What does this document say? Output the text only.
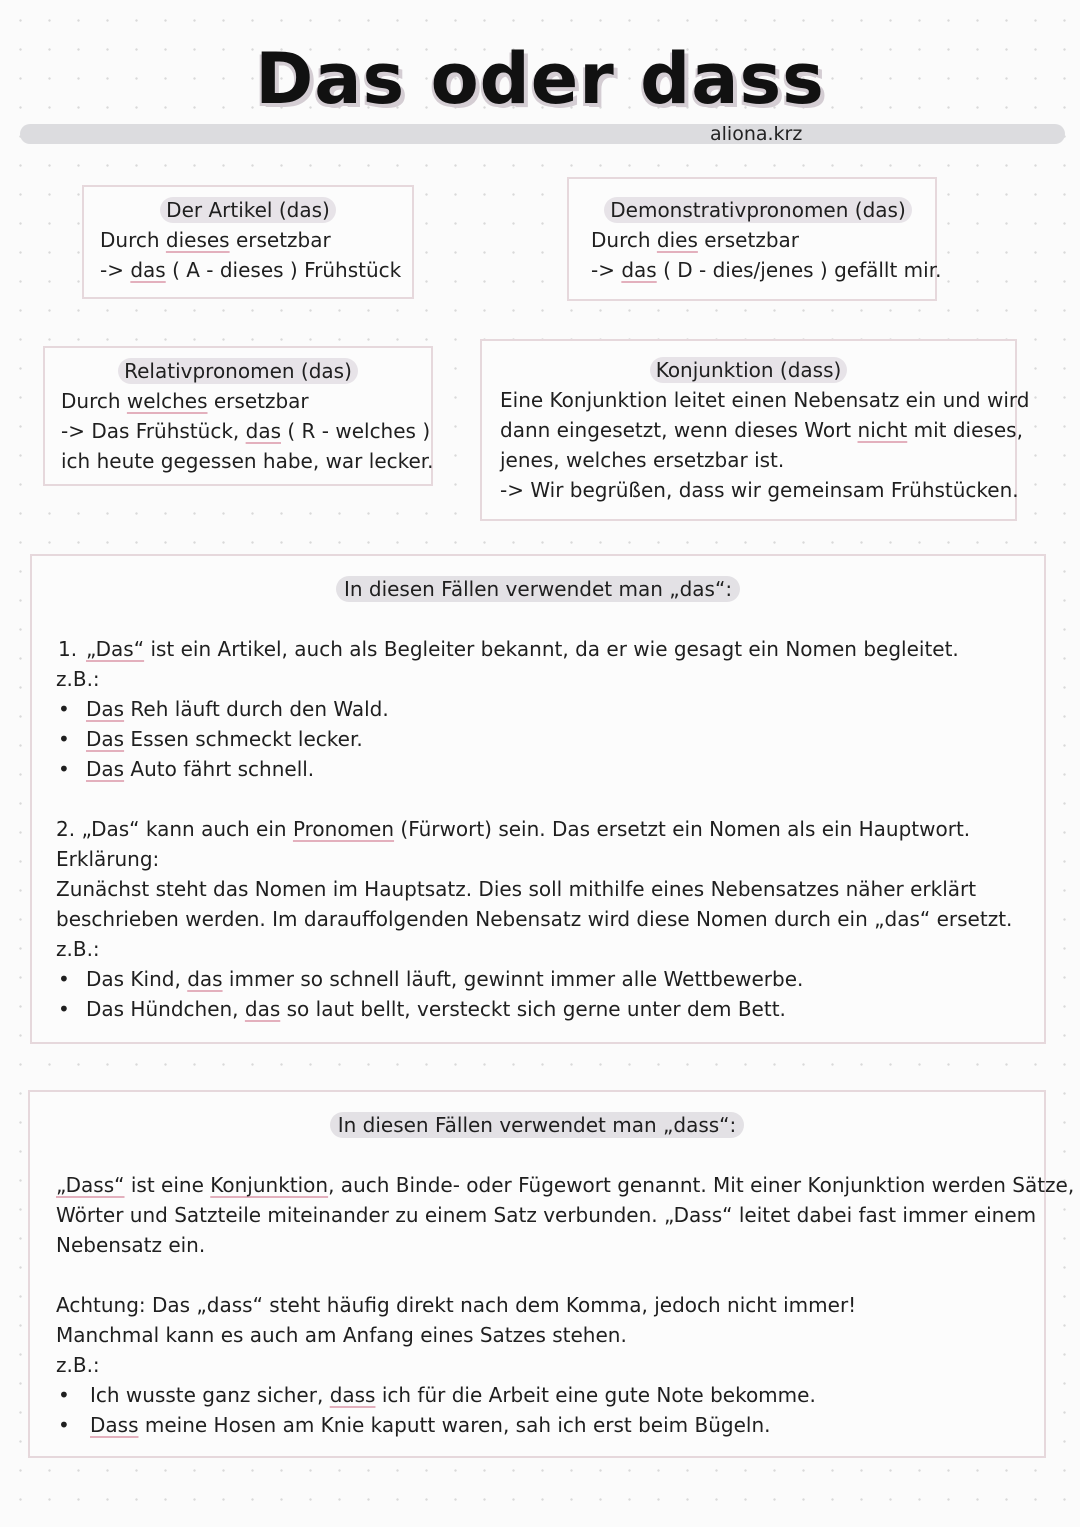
Das oder dass
aliona.krz
Der Artikel (das)
Durch dieses ersetzbar
-> das ( A - dieses ) Frühstück
Demonstrativpronomen (das)
Durch dies ersetzbar
-> das ( D - dies/jenes ) gefällt mir.
Relativpronomen (das)
Durch welches ersetzbar
-> Das Frühstück, das ( R - welches )
ich heute gegessen habe, war lecker.
Konjunktion (dass)
Eine Konjunktion leitet einen Nebensatz ein und wird
dann eingesetzt, wenn dieses Wort nicht mit dieses,
jenes, welches ersetzbar ist.
-> Wir begrüßen, dass wir gemeinsam Frühstücken.
In diesen Fällen verwendet man „das“:
1. „Das“ ist ein Artikel, auch als Begleiter bekannt, da er wie gesagt ein Nomen begleitet.
z.B.:
• Das Reh läuft durch den Wald.
• Das Essen schmeckt lecker.
• Das Auto fährt schnell.
2. „Das“ kann auch ein Pronomen (Fürwort) sein. Das ersetzt ein Nomen als ein Hauptwort.
Erklärung:
Zunächst steht das Nomen im Hauptsatz. Dies soll mithilfe eines Nebensatzes näher erklärt
beschrieben werden. Im darauffolgenden Nebensatz wird diese Nomen durch ein „das“ ersetzt.
z.B.:
• Das Kind, das immer so schnell läuft, gewinnt immer alle Wettbewerbe.
• Das Hündchen, das so laut bellt, versteckt sich gerne unter dem Bett.
In diesen Fällen verwendet man „dass“:
„Dass“ ist eine Konjunktion, auch Binde- oder Fügewort genannt. Mit einer Konjunktion werden Sätze,
Wörter und Satzteile miteinander zu einem Satz verbunden. „Dass“ leitet dabei fast immer einem
Nebensatz ein.
Achtung: Das „dass“ steht häufig direkt nach dem Komma, jedoch nicht immer!
Manchmal kann es auch am Anfang eines Satzes stehen.
z.B.:
•	Ich wusste ganz sicher, dass ich für die Arbeit eine gute Note bekomme.
•	Dass meine Hosen am Knie kaputt waren, sah ich erst beim Bügeln.
